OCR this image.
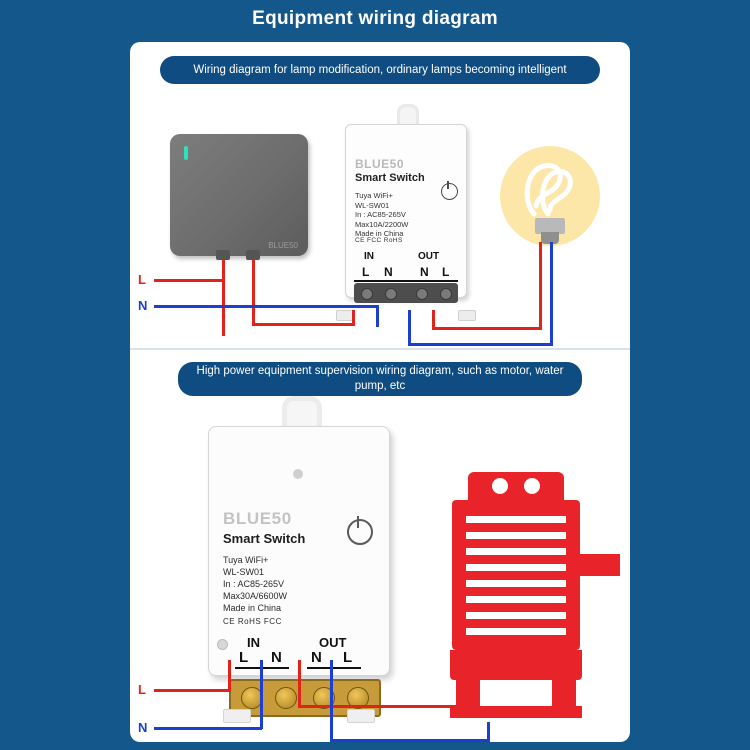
Equipment wiring diagram
Wiring diagram for lamp modification, ordinary lamps becoming intelligent
BLUE50
BLUE50
Smart Switch
Tuya WiFi+
WL-SW01
In : AC85-265V
Max10A/2200W
Made in China
CE FCC RoHS
IN	OUT
L N N L
L
N
High power equipment supervision wiring diagram, such as motor, water pump, etc
BLUE50
Smart Switch
Tuya WiFi+
WL-SW01
In : AC85-265V
Max30A/6600W
Made in China
CE RoHS FCC
IN	OUT
L N N L
L
N
